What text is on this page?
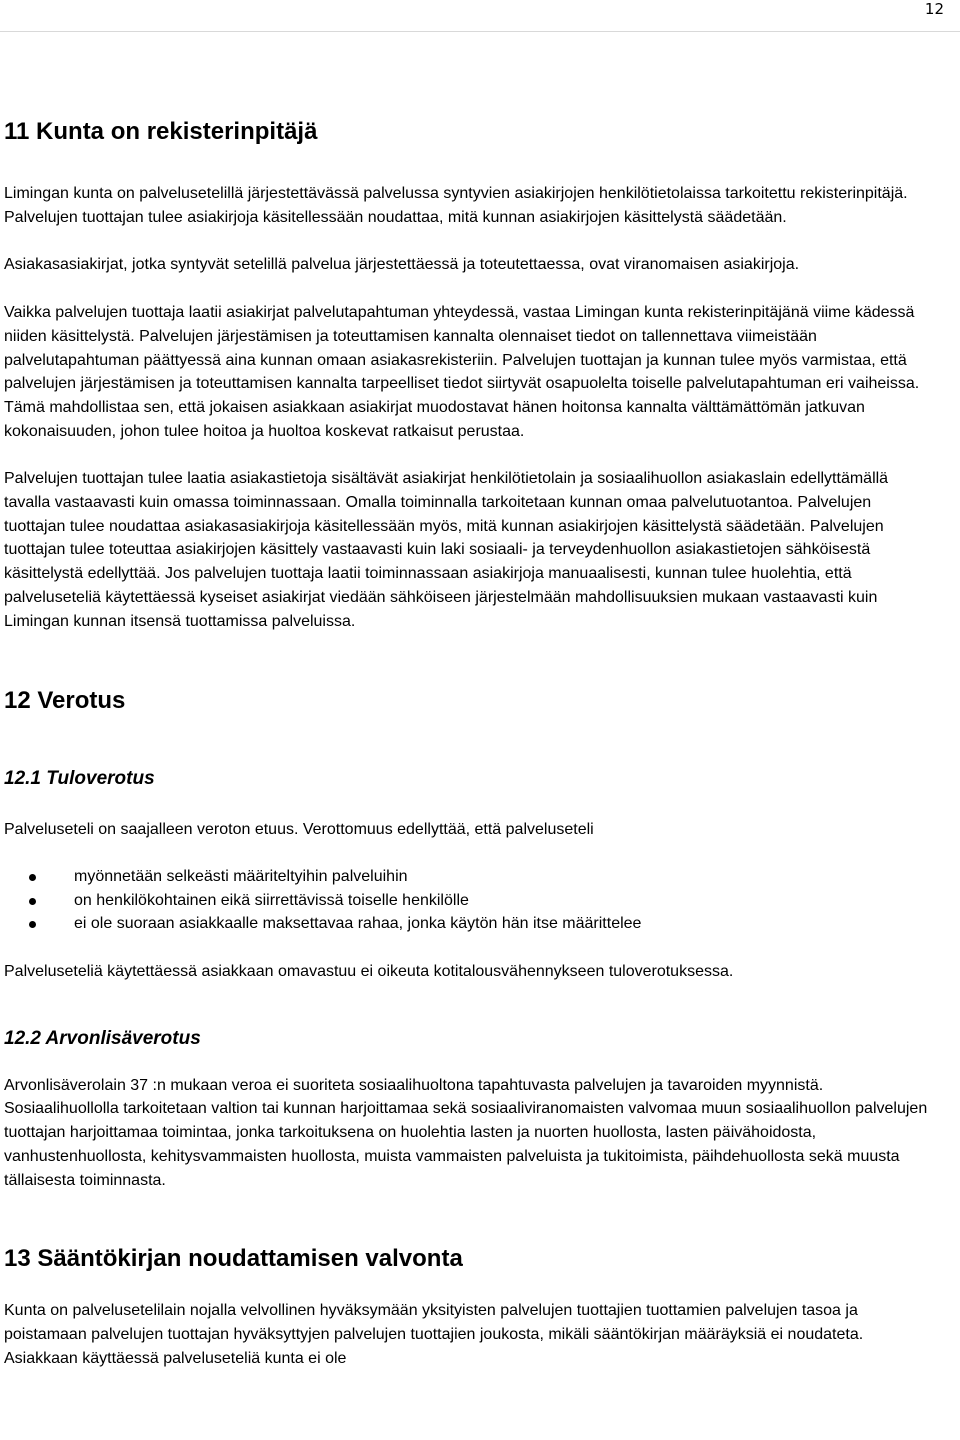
12
11 Kunta on rekisterinpitäjä

Limingan kunta on palvelusetelillä järjestettävässä palvelussa syntyvien asiakirjojen henkilötietolaissa tarkoitettu rekisterinpitäjä. Palvelujen tuottajan tulee asiakirjoja käsitellessään noudattaa, mitä kunnan asiakirjojen käsittelystä säädetään.

Asiakasasiakirjat, jotka syntyvät setelillä palvelua järjestettäessä ja toteutettaessa, ovat viranomaisen asiakirjoja.

Vaikka palvelujen tuottaja laatii asiakirjat palvelutapahtuman yhteydessä, vastaa Limingan kunta rekisterinpitäjänä viime kädessä niiden käsittelystä. Palvelujen järjestämisen ja toteuttamisen kannalta olennaiset tiedot on tallennettava viimeistään palvelutapahtuman päättyessä aina kunnan omaan asiakasrekisteriin. Palvelujen tuottajan ja kunnan tulee myös varmistaa, että palvelujen järjestämisen ja toteuttamisen kannalta tarpeelliset tiedot siirtyvät osapuolelta toiselle palvelutapahtuman eri vaiheissa. Tämä mahdollistaa sen, että jokaisen asiakkaan asiakirjat muodostavat hänen hoitonsa kannalta välttämättömän jatkuvan kokonaisuuden, johon tulee hoitoa ja huoltoa koskevat ratkaisut perustaa.

Palvelujen tuottajan tulee laatia asiakastietoja sisältävät asiakirjat henkilötietolain ja sosiaalihuollon asiakaslain edellyttämällä tavalla vastaavasti kuin omassa toiminnassaan. Omalla toiminnalla tarkoitetaan kunnan omaa palvelutuotantoa. Palvelujen tuottajan tulee noudattaa asiakasasiakirjoja käsitellessään myös, mitä kunnan asiakirjojen käsittelystä säädetään. Palvelujen tuottajan tulee toteuttaa asiakirjojen käsittely vastaavasti kuin laki sosiaali- ja terveydenhuollon asiakastietojen sähköisestä käsittelystä edellyttää. Jos palvelujen tuottaja laatii toiminnassaan asiakirjoja manuaalisesti, kunnan tulee huolehtia, että palveluseteliä käytettäessä kyseiset asiakirjat viedään sähköiseen järjestelmään mahdollisuuksien mukaan vastaavasti kuin Limingan kunnan itsensä tuottamissa palveluissa.

12 Verotus
12.1 Tuloverotus

Palveluseteli on saajalleen veroton etuus. Verottomuus edellyttää, että palveluseteli

myönnetään selkeästi määriteltyihin palveluihin
on henkilökohtainen eikä siirrettävissä toiselle henkilölle
ei ole suoraan asiakkaalle maksettavaa rahaa, jonka käytön hän itse määrittelee

Palveluseteliä käytettäessä asiakkaan omavastuu ei oikeuta kotitalousvähennykseen tuloverotuksessa.

12.2 Arvonlisäverotus

Arvonlisäverolain 37 :n mukaan veroa ei suoriteta sosiaalihuoltona tapahtuvasta palvelujen ja tavaroiden myynnistä. Sosiaalihuollolla tarkoitetaan valtion tai kunnan harjoittamaa sekä sosiaaliviranomaisten valvomaa muun sosiaalihuollon palvelujen tuottajan harjoittamaa toimintaa, jonka tarkoituksena on huolehtia lasten ja nuorten huollosta, lasten päivähoidosta, vanhustenhuollosta, kehitysvammaisten huollosta, muista vammaisten palveluista ja tukitoimista, päihdehuollosta sekä muusta tällaisesta toiminnasta.

13 Sääntökirjan noudattamisen valvonta

Kunta on palvelusetelilain nojalla velvollinen hyväksymään yksityisten palvelujen tuottajien tuottamien palvelujen tasoa ja poistamaan palvelujen tuottajan hyväksyttyjen palvelujen tuottajien joukosta, mikäli sääntökirjan määräyksiä ei noudateta. Asiakkaan käyttäessä palveluseteliä kunta ei ole
